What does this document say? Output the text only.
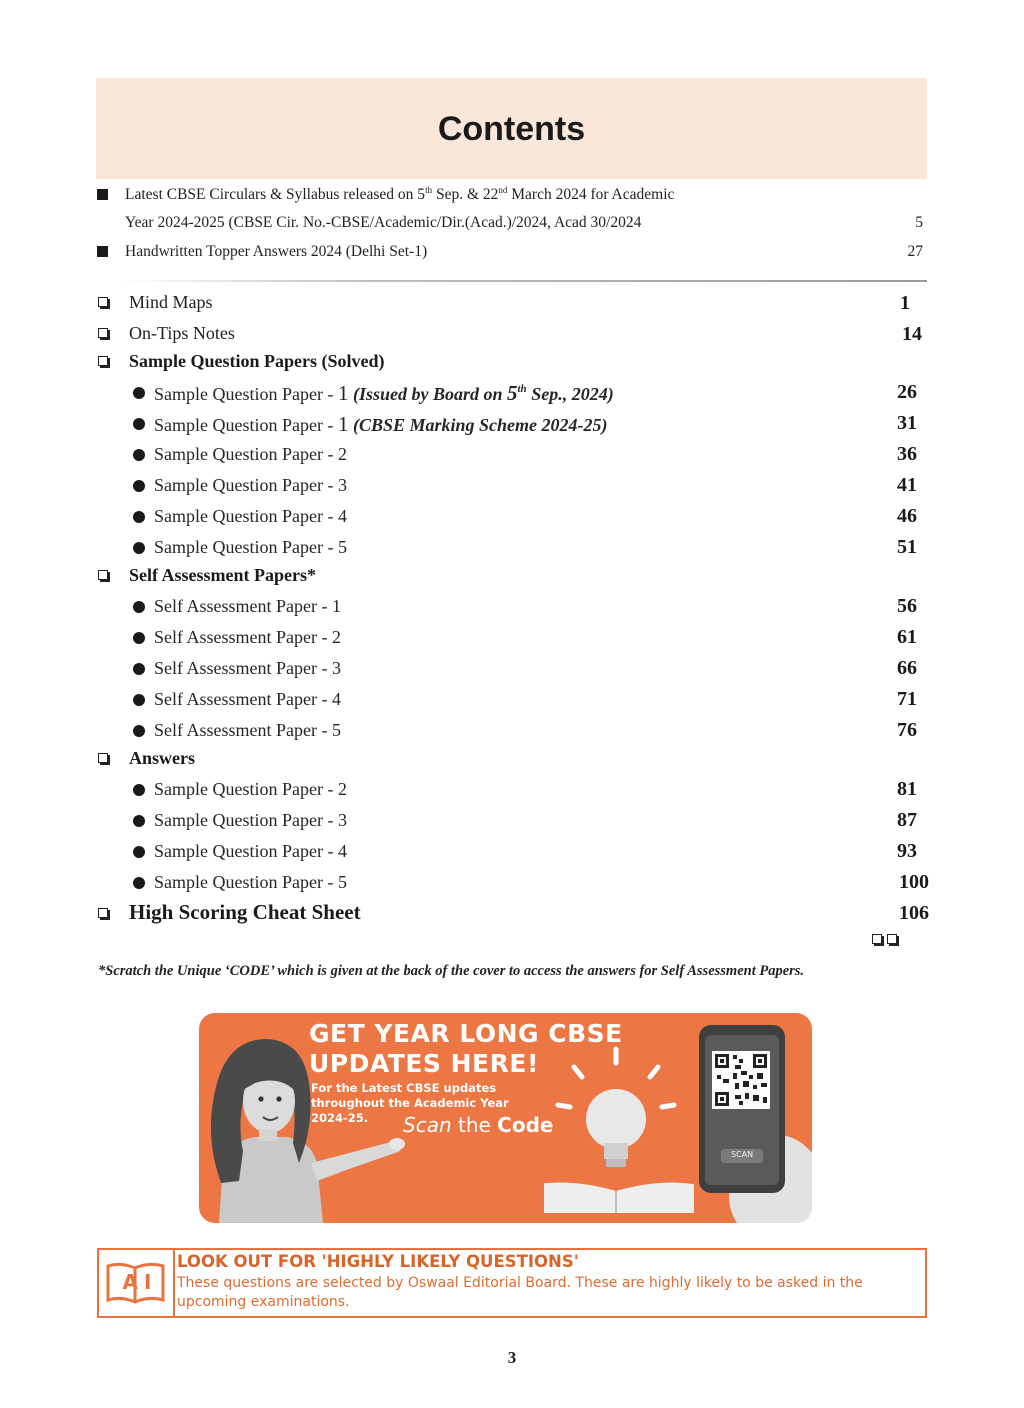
Contents
Latest CBSE Circulars & Syllabus released on 5th Sep. & 22nd March 2024 for Academic
Year 2024-2025 (CBSE Cir. No.-CBSE/Academic/Dir.(Acad.)/2024, Acad 30/2024	5
Handwritten Topper Answers 2024 (Delhi Set-1)	27
Mind Maps	1
On-Tips Notes	14
Sample Question Papers (Solved)
Sample Question Paper - 1 (Issued by Board on 5th Sep., 2024)	26
Sample Question Paper - 1 (CBSE Marking Scheme 2024-25)	31
Sample Question Paper - 2	36
Sample Question Paper - 3	41
Sample Question Paper - 4	46
Sample Question Paper - 5	51
Self Assessment Papers*
Self Assessment Paper - 1	56
Self Assessment Paper - 2	61
Self Assessment Paper - 3	66
Self Assessment Paper - 4	71
Self Assessment Paper - 5	76
Answers
Sample Question Paper - 2	81
Sample Question Paper - 3	87
Sample Question Paper - 4	93
Sample Question Paper - 5	100
High Scoring Cheat Sheet	106
*Scratch the Unique ‘CODE’ which is given at the back of the cover to access the answers for Self Assessment Papers.
GET YEAR LONG CBSE
UPDATES HERE!
For the Latest CBSE updates
throughout the Academic Year
2024-25.	Scan the Code
SCAN
AI
LOOK OUT FOR 'HIGHLY LIKELY QUESTIONS'
These questions are selected by Oswaal Editorial Board. These are highly likely to be asked in the upcoming examinations.
3
